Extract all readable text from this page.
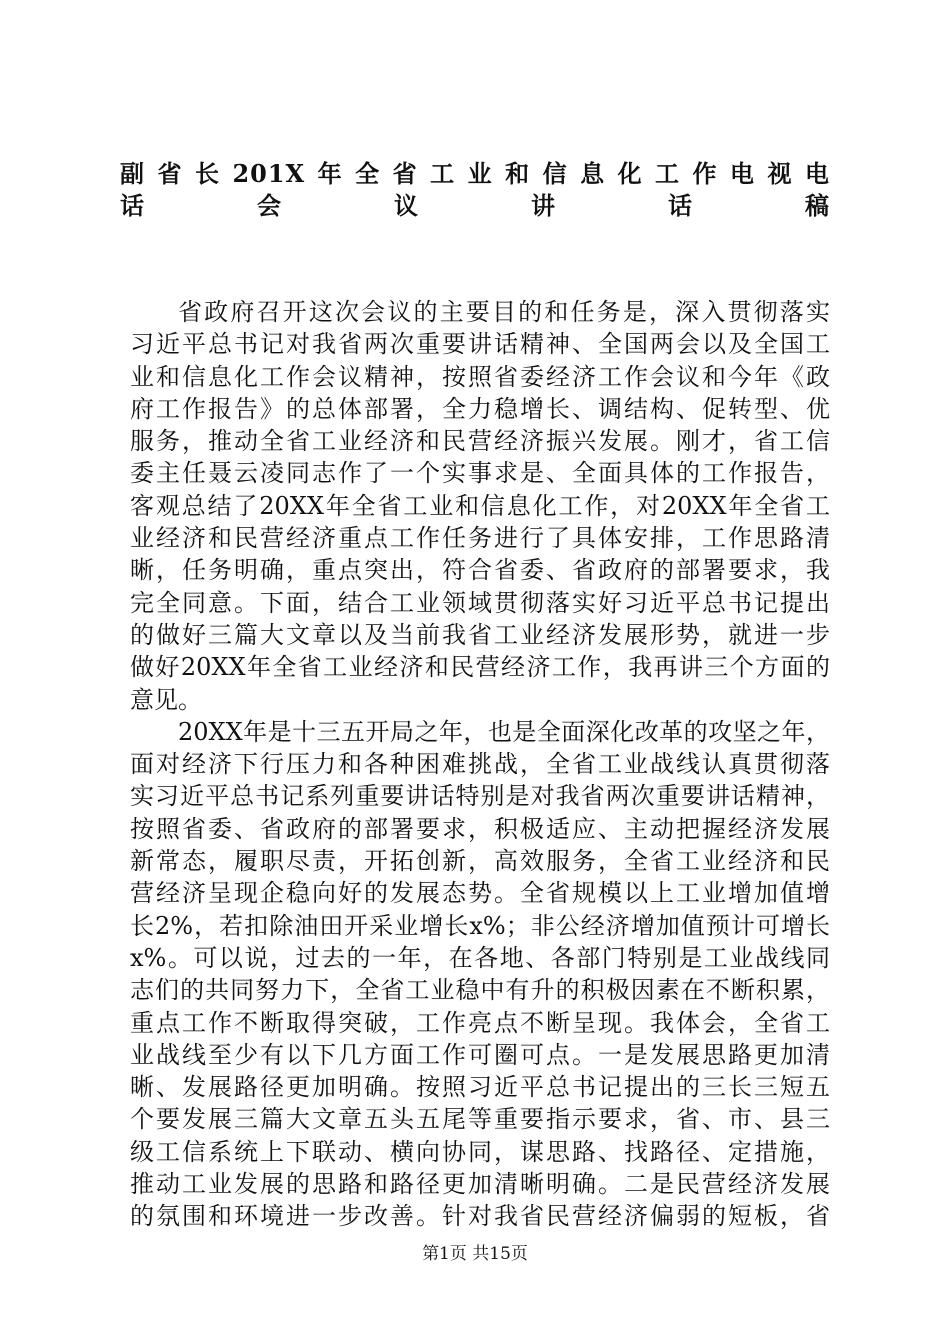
副省长201X年全省工业和信息化工作电视电
话会议讲话稿
省政府召开这次会议的主要目的和任务是，深入贯彻落实
习近平总书记对我省两次重要讲话精神、全国两会以及全国工
业和信息化工作会议精神，按照省委经济工作会议和今年《政
府工作报告》的总体部署，全力稳增长、调结构、促转型、优
服务，推动全省工业经济和民营经济振兴发展。刚才，省工信
委主任聂云凌同志作了一个实事求是、全面具体的工作报告，
客观总结了20XX年全省工业和信息化工作，对20XX年全省工
业经济和民营经济重点工作任务进行了具体安排，工作思路清
晰，任务明确，重点突出，符合省委、省政府的部署要求，我
完全同意。下面，结合工业领域贯彻落实好习近平总书记提出
的做好三篇大文章以及当前我省工业经济发展形势，就进一步
做好20XX年全省工业经济和民营经济工作，我再讲三个方面的
意见。
20XX年是十三五开局之年，也是全面深化改革的攻坚之年，
面对经济下行压力和各种困难挑战，全省工业战线认真贯彻落
实习近平总书记系列重要讲话特别是对我省两次重要讲话精神，
按照省委、省政府的部署要求，积极适应、主动把握经济发展
新常态，履职尽责，开拓创新，高效服务，全省工业经济和民
营经济呈现企稳向好的发展态势。全省规模以上工业增加值增
长2%，若扣除油田开采业增长x%；非公经济增加值预计可增长
x%。可以说，过去的一年，在各地、各部门特别是工业战线同
志们的共同努力下，全省工业稳中有升的积极因素在不断积累，
重点工作不断取得突破，工作亮点不断呈现。我体会，全省工
业战线至少有以下几方面工作可圈可点。一是发展思路更加清
晰、发展路径更加明确。按照习近平总书记提出的三长三短五
个要发展三篇大文章五头五尾等重要指示要求，省、市、县三
级工信系统上下联动、横向协同，谋思路、找路径、定措施，
推动工业发展的思路和路径更加清晰明确。二是民营经济发展
的氛围和环境进一步改善。针对我省民营经济偏弱的短板，省
第1页 共15页
